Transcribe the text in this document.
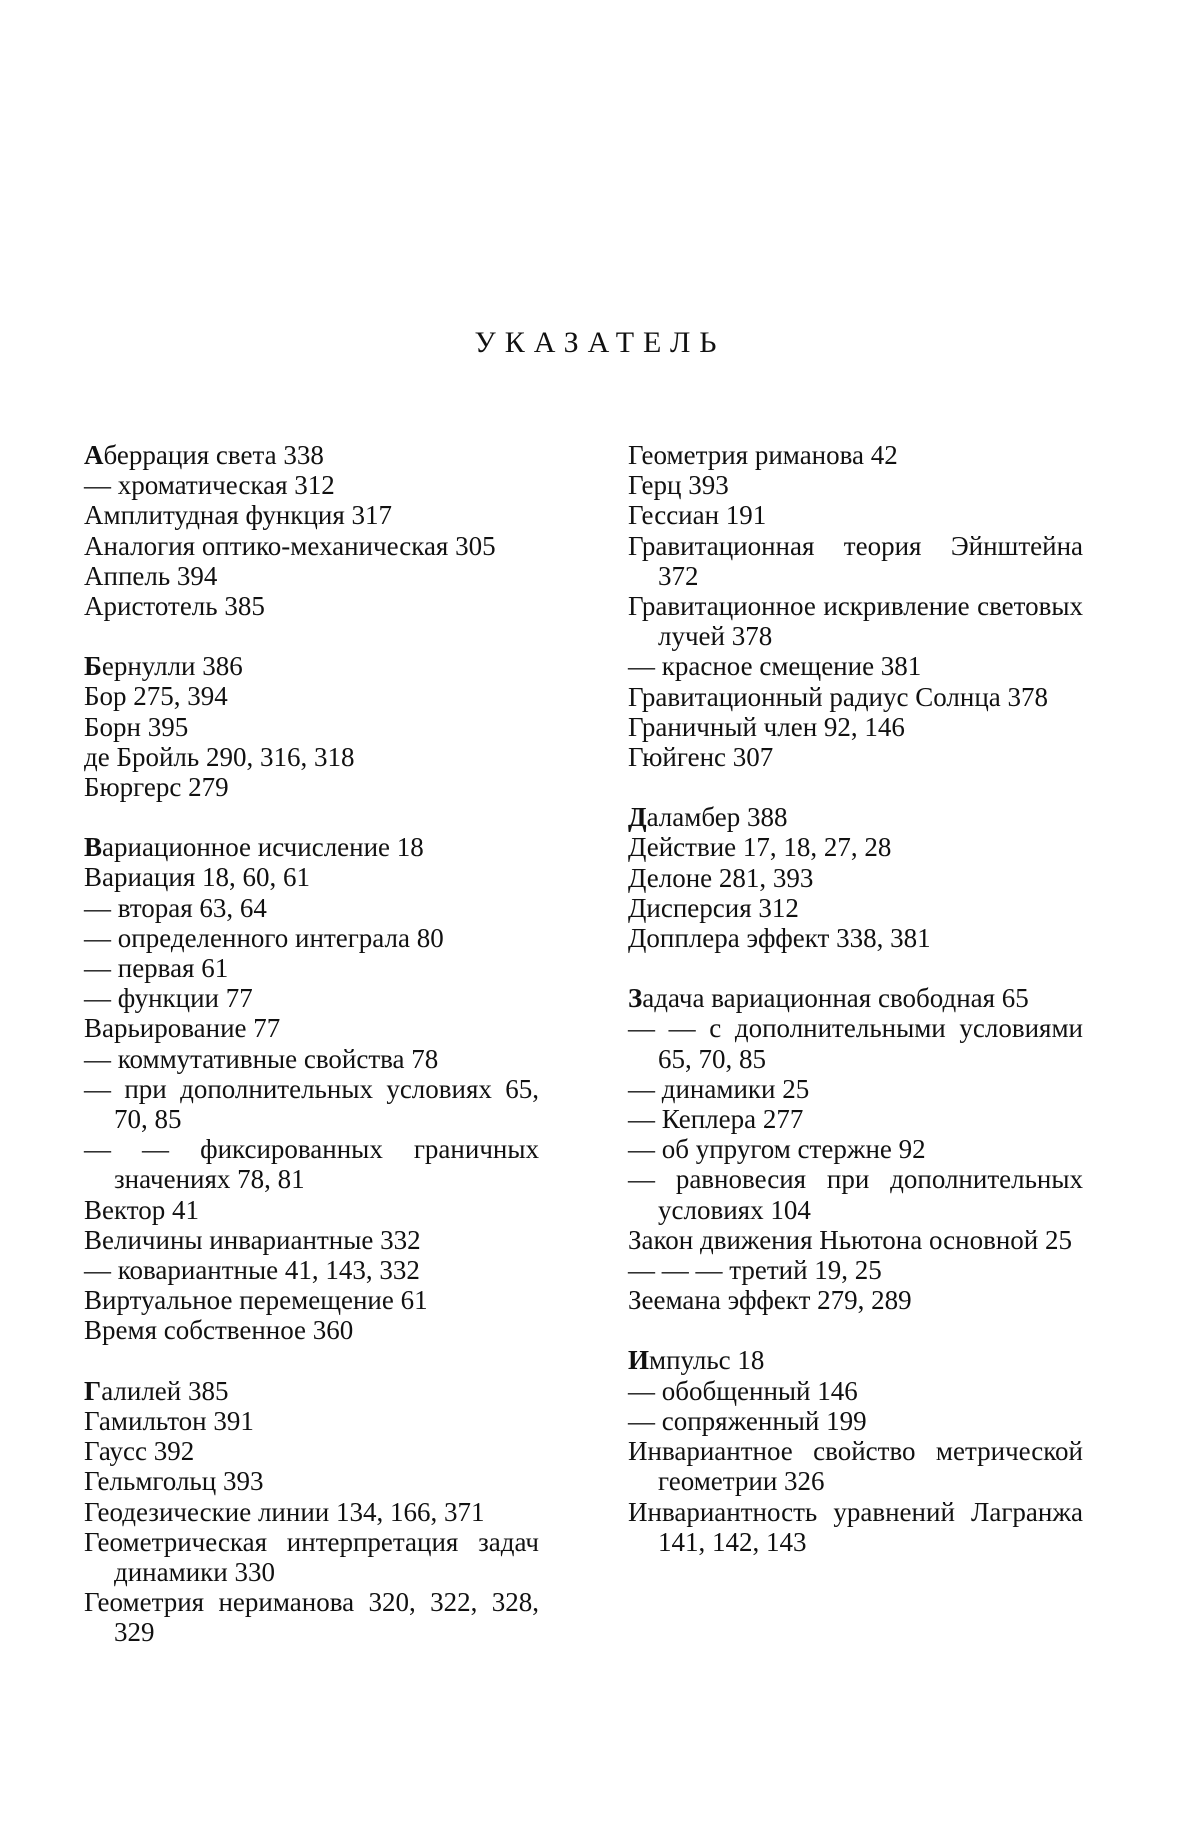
УКАЗАТЕЛЬ

Аберрация света 338

— хроматическая 312

Амплитудная функция 317

Аналогия оптико-механическая 305

Аппель 394

Аристотель 385

Бернулли 386

Бор 275, 394

Борн 395

де Бройль 290, 316, 318

Бюргерс 279

Вариационное исчисление 18

Вариация 18, 60, 61

— вторая 63, 64

— определенного интеграла 80

— первая 61

— функции 77

Варьирование 77

— коммутативные свойства 78

— при дополнительных условиях 65, 70, 85

— — фиксированных граничных значениях 78, 81

Вектор 41

Величины инвариантные 332

— ковариантные 41, 143, 332

Виртуальное перемещение 61

Время собственное 360

Галилей 385

Гамильтон 391

Гаусс 392

Гельмгольц 393

Геодезические линии 134, 166, 371

Геометрическая интерпретация задач динамики 330

Геометрия нериманова 320, 322, 328, 329

Геометрия риманова 42

Герц 393

Гессиан 191

Гравитационная теория Эйнштейна 372

Гравитационное искривление световых лучей 378

— красное смещение 381

Гравитационный радиус Солнца 378

Граничный член 92, 146

Гюйгенс 307

Даламбер 388

Действие 17, 18, 27, 28

Делоне 281, 393

Дисперсия 312

Допплера эффект 338, 381

Задача вариационная свободная 65

— — с дополнительными условиями 65, 70, 85

— динамики 25

— Кеплера 277

— об упругом стержне 92

— равновесия при дополнительных условиях 104

Закон движения Ньютона основной 25

— — — третий 19, 25

Зеемана эффект 279, 289

Импульс 18

— обобщенный 146

— сопряженный 199

Инвариантное свойство метрической геометрии 326

Инвариантность уравнений Лагранжа 141, 142, 143
